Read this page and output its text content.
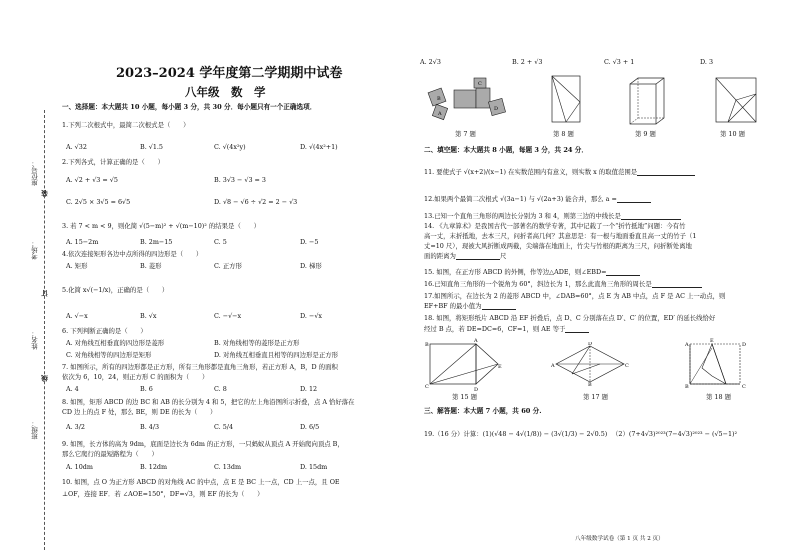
座位号：
装
考场：
订
姓名：
线
班级：
2023–2024 学年度第二学期期中试卷
八年级　数　学
一、选择题：本大题共 10 小题，每小题 3 分，共 30 分．每小题只有一个正确选项．
1.下列二次根式中，最简二次根式是（　　）
A. √32	B. √1.5	C. √(4x²y)	D. √(4x²+1)
2.下列各式，计算正确的是（　　）
A. √2 + √3 = √5	B. 3√3 − √3 = 3
C. 2√5 × 3√5 = 6√5	D. √8 − √6 ÷ √2 = 2 − √3
3. 若 7 < m < 9，则化简 √(5−m)² + √(m−10)² 的结果是（　　）
A. 15−2m	B. 2m−15	C. 5	D. −5
4.依次连接矩形各边中点所得的四边形是（　　）
A. 矩形	B. 菱形	C. 正方形	D. 梯形
5.化简 x√(−1/x)，正确的是（　　）
A. √−x	B. √x	C. −√−x	D. −√x
6. 下列判断正确的是（　　）
A. 对角线互相垂直的四边形是菱形	B. 对角线相等的菱形是正方形
C. 对角线相等的四边形是矩形	D. 对角线互相垂直且相等的四边形是正方形
7. 如图所示，所有的四边形都是正方形，所有三角形都是直角三角形，若正方形 A，B，D 的面积
依次为 6，10，24，则正方形 C 的面积为（　　）
A. 4	B. 6	C. 8	D. 12
8. 如图，矩形 ABCD 的边 BC 和 AB 的长分别为 4 和 5，把它的左上角沿图所示折叠，点 A 恰好落在
CD 边上的点 F 处，那么 BE，则 DE 的长为（　　）
A. 3/2	B. 4/3	C. 5/4	D. 6/5
9. 如图，长方体的高为 9dm，底面是边长为 6dm 的正方形，一只蚂蚁从顶点 A 开始爬向顶点 B，
那么它爬行的最短路程为（　　）
A. 10dm	B. 12dm	C. 13dm	D. 15dm
10. 如图，点 O 为正方形 ABCD 的对角线 AC 的中点，点 E 是 BC 上一点，CD 上一点，且 OE
⊥OF，连接 EF．若 ∠AOE=150°，DF=√3，则 EF 的长为（　　）
A. 2√3	B. 2 + √3	C. √3 + 1	D. 3
B
A
C
D
第 7 题	第 8 题	第 9 题	第 10 题
二、填空题：本大题共 8 小题，每题 3 分，共 24 分．
11. 要使式子 √(x+2)/(x−1) 在实数范围内有意义，则实数 x 的取值范围是
12.如果两个最简二次根式 √(3a−1) 与 √(2a+3) 能合并，那么 a =
13.已知一个直角三角形的两边长分别为 3 和 4，则第三边的中线长是
14. 《九章算术》是我国古代一部著名的数学专著，其中记载了一个“折竹抵地”问题：今有竹
高一丈，末折抵地，去本三尺，问折者高几何？其意思是：有一根与地面垂直且高一丈的竹子（1
丈=10 尺），现被大风折断成两截，尖端落在地面上，竹尖与竹根的距离为三尺，问折断处离地
面的距离为	尺
15. 如图，在正方形 ABCD 的外侧，作等边△ADE，则∠EBD=
16.已知直角三角形的一个锐角为 60°，斜边长为 1，那么此直角三角形的周长是
17.如图所示，在边长为 2 的菱形 ABCD 中，∠DAB=60°，点 E 为 AB 中点，点 F 是 AC 上一动点，则
EF+BF 的最小值为
18. 如图，将矩形纸片 ABCD 沿 EF 折叠后，点 D、C 分别落在点 D′、C′ 的位置，ED′ 的延长线恰好
经过 B 点，若 DE=DC=6，CF=1，则 AE 等于
B
C
A
D
E
第 15 题
A	C
D
B
第 17 题
A
B
E
D
C
第 18 题
三、解答题：本大题 7 小题，共 60 分.
19.（16 分）计算：(1)(√48 − 4√(1/8)) − (3√(1/3) − 2√0.5) （2）(7+4√3)²⁰²³(7−4√3)²⁰²³ − (√5−1)²
八年级数学试卷（第 1 页 共 2 页）
